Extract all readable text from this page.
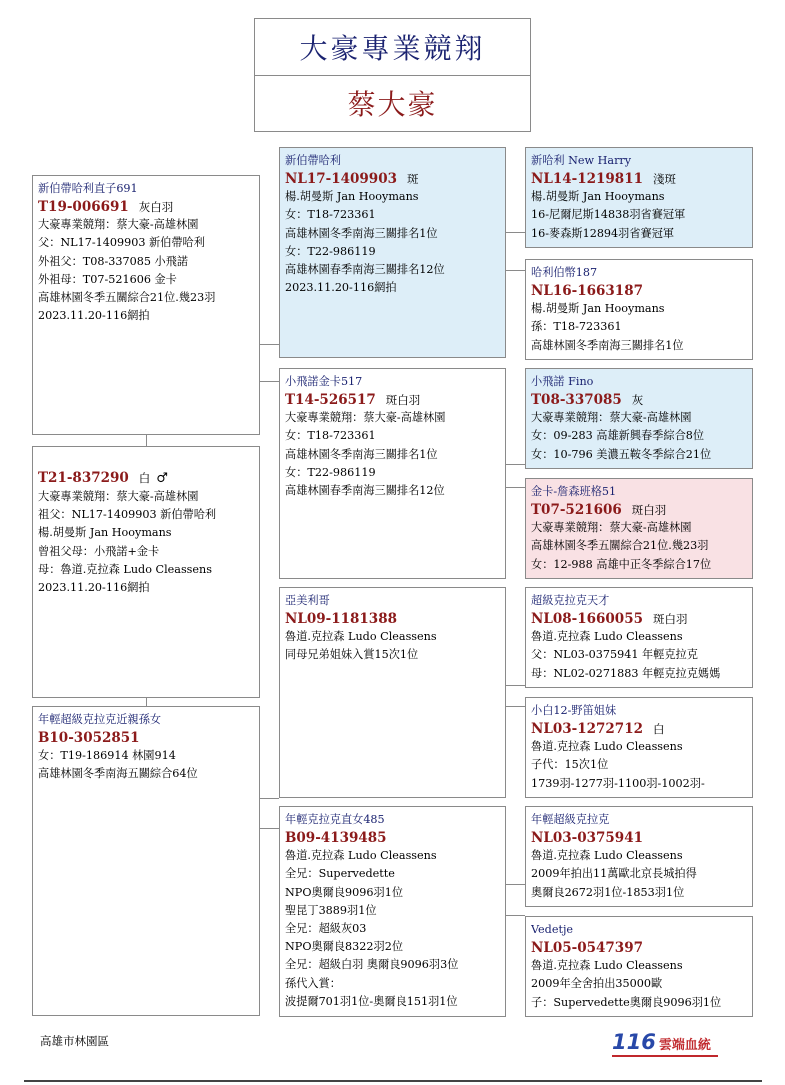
大豪專業競翔
蔡大豪
新伯帶哈利直子691
T19-006691 灰白羽
大豪專業競翔：蔡大豪-高雄林園
父：NL17-1409903 新伯帶哈利
外祖父：T08-337085 小飛諾
外祖母：T07-521606 金卡
高雄林園冬季五關綜合21位.幾23羽
2023.11.20-116網拍
T21-837290 白 ♂
大豪專業競翔：蔡大豪-高雄林園
祖父：NL17-1409903 新伯帶哈利
楊.胡曼斯 Jan Hooymans
曾祖父母：小飛諾+金卡
母：魯道.克拉森 Ludo Cleassens
2023.11.20-116網拍
年輕超級克拉克近親孫女
B10-3052851
女：T19-186914 林園914
高雄林園冬季南海五關綜合64位
新伯帶哈利
NL17-1409903 斑
楊.胡曼斯 Jan Hooymans
女：T18-723361
高雄林園冬季南海三關排名1位
女：T22-986119
高雄林園春季南海三關排名12位
2023.11.20-116網拍
小飛諾金卡517
T14-526517 斑白羽
大豪專業競翔：蔡大豪-高雄林園
女：T18-723361
高雄林園冬季南海三關排名1位
女：T22-986119
高雄林園春季南海三關排名12位
亞美利哥
NL09-1181388
魯道.克拉森 Ludo Cleassens
同母兄弟姐妹入賞15次1位
年輕克拉克直女485
B09-4139485
魯道.克拉森 Ludo Cleassens
全兄：Supervedette
NPO奧爾良9096羽1位
聖昆丁3889羽1位
全兄：超級灰03
NPO奧爾良8322羽2位
全兄：超級白羽 奧爾良9096羽3位
孫代入賞：
波提爾701羽1位-奧爾良151羽1位
新哈利 New Harry
NL14-1219811 淺斑
楊.胡曼斯 Jan Hooymans
16-尼爾尼斯14838羽省賽冠軍
16-麥森斯12894羽省賽冠軍
哈利伯幣187
NL16-1663187
楊.胡曼斯 Jan Hooymans
孫：T18-723361
高雄林園冬季南海三關排名1位
小飛諾 Fino
T08-337085 灰
大豪專業競翔：蔡大豪-高雄林園
女：09-283 高雄新興春季綜合8位
女：10-796 美濃五鞍冬季綜合21位
金卡-詹森班格51
T07-521606 斑白羽
大豪專業競翔：蔡大豪-高雄林園
高雄林園冬季五關綜合21位.幾23羽
女：12-988 高雄中正冬季綜合17位
超級克拉克天才
NL08-1660055 斑白羽
魯道.克拉森 Ludo Cleassens
父：NL03-0375941 年輕克拉克
母：NL02-0271883 年輕克拉克媽媽
小白12-野笛姐妹
NL03-1272712 白
魯道.克拉森 Ludo Cleassens
子代：15次1位
1739羽-1277羽-1100羽-1002羽-
年輕超級克拉克
NL03-0375941
魯道.克拉森 Ludo Cleassens
2009年拍出11萬歐北京長城拍得
奧爾良2672羽1位-1853羽1位
Vedetje
NL05-0547397
魯道.克拉森 Ludo Cleassens
2009年全舍拍出35000歐
子：Supervedette奧爾良9096羽1位
高雄市林園區	116 雲端血統
